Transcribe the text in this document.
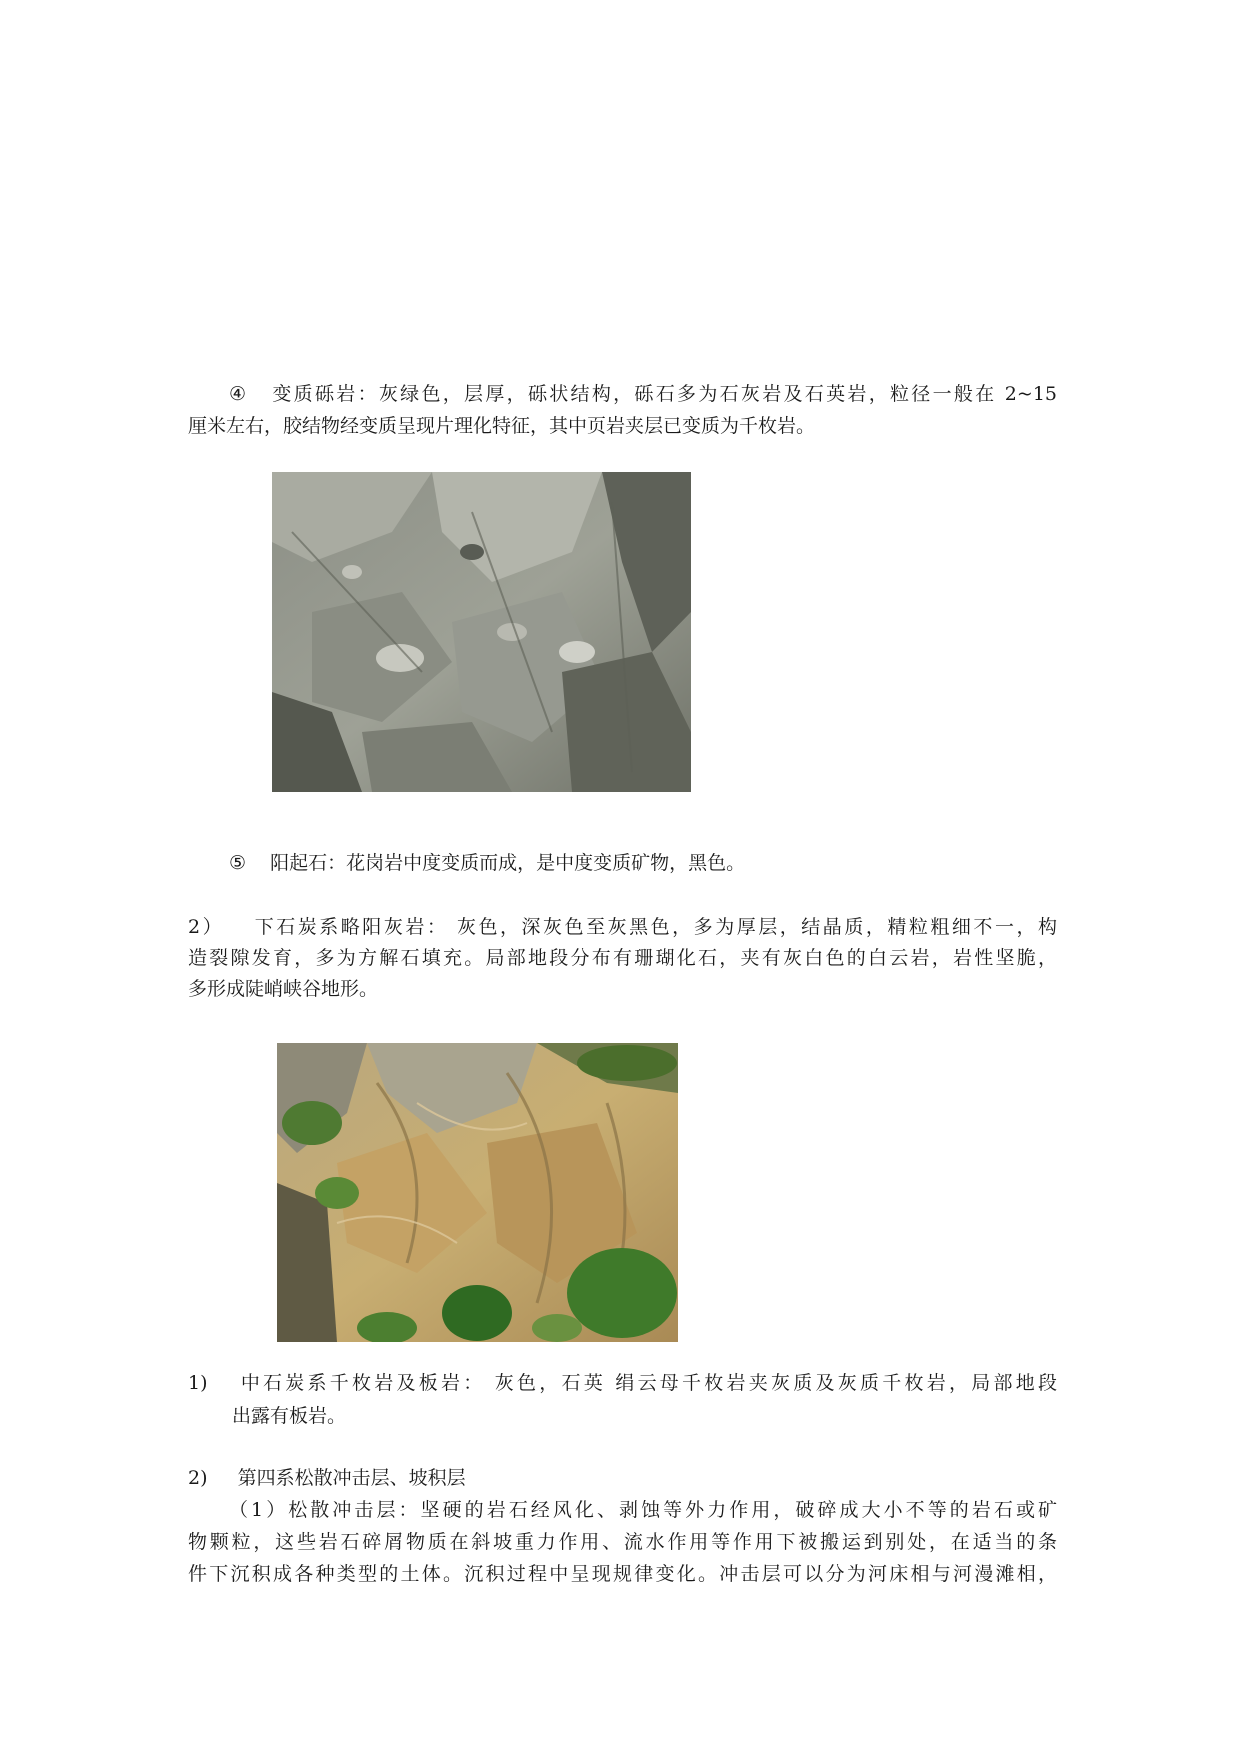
④ 变质砾岩：灰绿色，层厚，砾状结构，砾石多为石灰岩及石英岩，粒径一般在 2~15
厘米左右，胶结物经变质呈现片理化特征，其中页岩夹层已变质为千枚岩。
⑤ 阳起石：花岗岩中度变质而成，是中度变质矿物，黑色。
2） 下石炭系略阳灰岩： 灰色，深灰色至灰黑色，多为厚层，结晶质，精粒粗细不一，构
造裂隙发育，多为方解石填充。局部地段分布有珊瑚化石，夹有灰白色的白云岩，岩性坚脆，
多形成陡峭峡谷地形。
1) 中石炭系千枚岩及板岩： 灰色，石英 绢云母千枚岩夹灰质及灰质千枚岩，局部地段
出露有板岩。
2) 第四系松散冲击层、坡积层
（1）松散冲击层：坚硬的岩石经风化、剥蚀等外力作用，破碎成大小不等的岩石或矿
物颗粒，这些岩石碎屑物质在斜坡重力作用、流水作用等作用下被搬运到别处，在适当的条
件下沉积成各种类型的土体。沉积过程中呈现规律变化。冲击层可以分为河床相与河漫滩相，
